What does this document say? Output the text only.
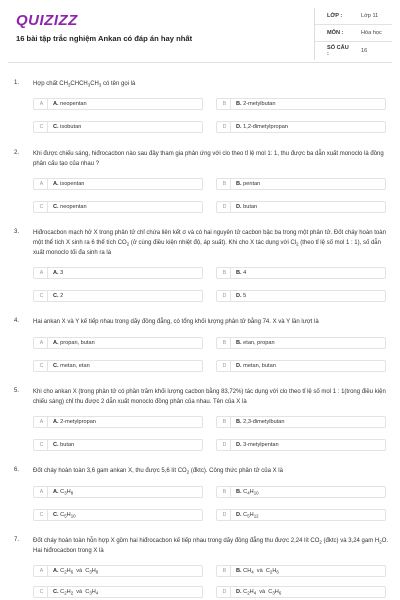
QUIZIZZ
16 bài tập trắc nghiệm Ankan có đáp án hay nhất
LỚP :	Lớp 11
MÔN :	Hóa học
SỐ CÂU :	16
1. Hợp chất $CH_3CHCH_3CH_3$ có tên gọi là
A	A. neopentan	B	B. 2-metylbutan
C	C. isobutan	D	D. 1,2-đimetylpropan
2. Khi được chiếu sáng, hiđrocacbon nào sau đây tham gia phản ứng với clo theo tỉ lệ mol 1: 1, thu được ba dẫn xuất monoclo là đồng phân cấu tạo của nhau ?
A	A. isopentan	B	B. pentan
C	C. neopentan	D	D. butan
3. Hiđrocacbon mạch hở X trong phân tử chỉ chứa liên kết σ và có hai nguyên tử cacbon bậc ba trong một phân tử. Đốt cháy hoàn toàn một thể tích X sinh ra 6 thể tích $CO_2$ (ở cùng điều kiện nhiệt độ, áp suất). Khi cho X tác dụng với $Cl_2$ (theo tỉ lệ số mol 1 : 1), số dẫn xuất monoclo tối đa sinh ra là
A	A. 3	B	B. 4
C	C. 2	D	D. 5
4. Hai ankan X và Y kế tiếp nhau trong dãy đồng đẳng, có tổng khối lượng phân tử bằng 74. X và Y lần lượt là
A	A. propan, butan	B	B. etan, propan
C	C. metan, etan	D	D. metan, butan
5. Khi cho ankan X (trong phân tử có phần trăm khối lượng cacbon bằng 83,72%) tác dụng với clo theo tỉ lệ số mol 1 : 1(trong điều kiện chiếu sáng) chỉ thu được 2 dẫn xuất monoclo đồng phân của nhau. Tên của X là
A	A. 2-metylpropan	B	B. 2,3-đimetylbutan
C	C. butan	D	D. 3-metylpentan
6. Đốt cháy hoàn toàn 3,6 gam ankan X, thu được 5,6 lít $CO_2$ (đktc). Công thức phân tử của X là
A	A. $C_3H_8$	B	B. $C_4H_{10}$
C	C. $C_5H_{10}$	D	D. $C_5H_{12}$
7. Đốt cháy hoàn toàn hỗn hợp X gồm hai hiđrocacbon kế tiếp nhau trong dãy đồng đẳng thu được 2,24 lít $CO_2$ (đktc) và 3,24 gam $H_2O$. Hai hiđrocacbon trong X là
A	A. $C_2H_6$  và  $C_3H_8$	B	B. $CH_4$  và  $C_2H_6$
C	C. $C_2H_2$  và  $C_3H_4$	D	D. $C_2H_4$  và  $C_3H_6$
